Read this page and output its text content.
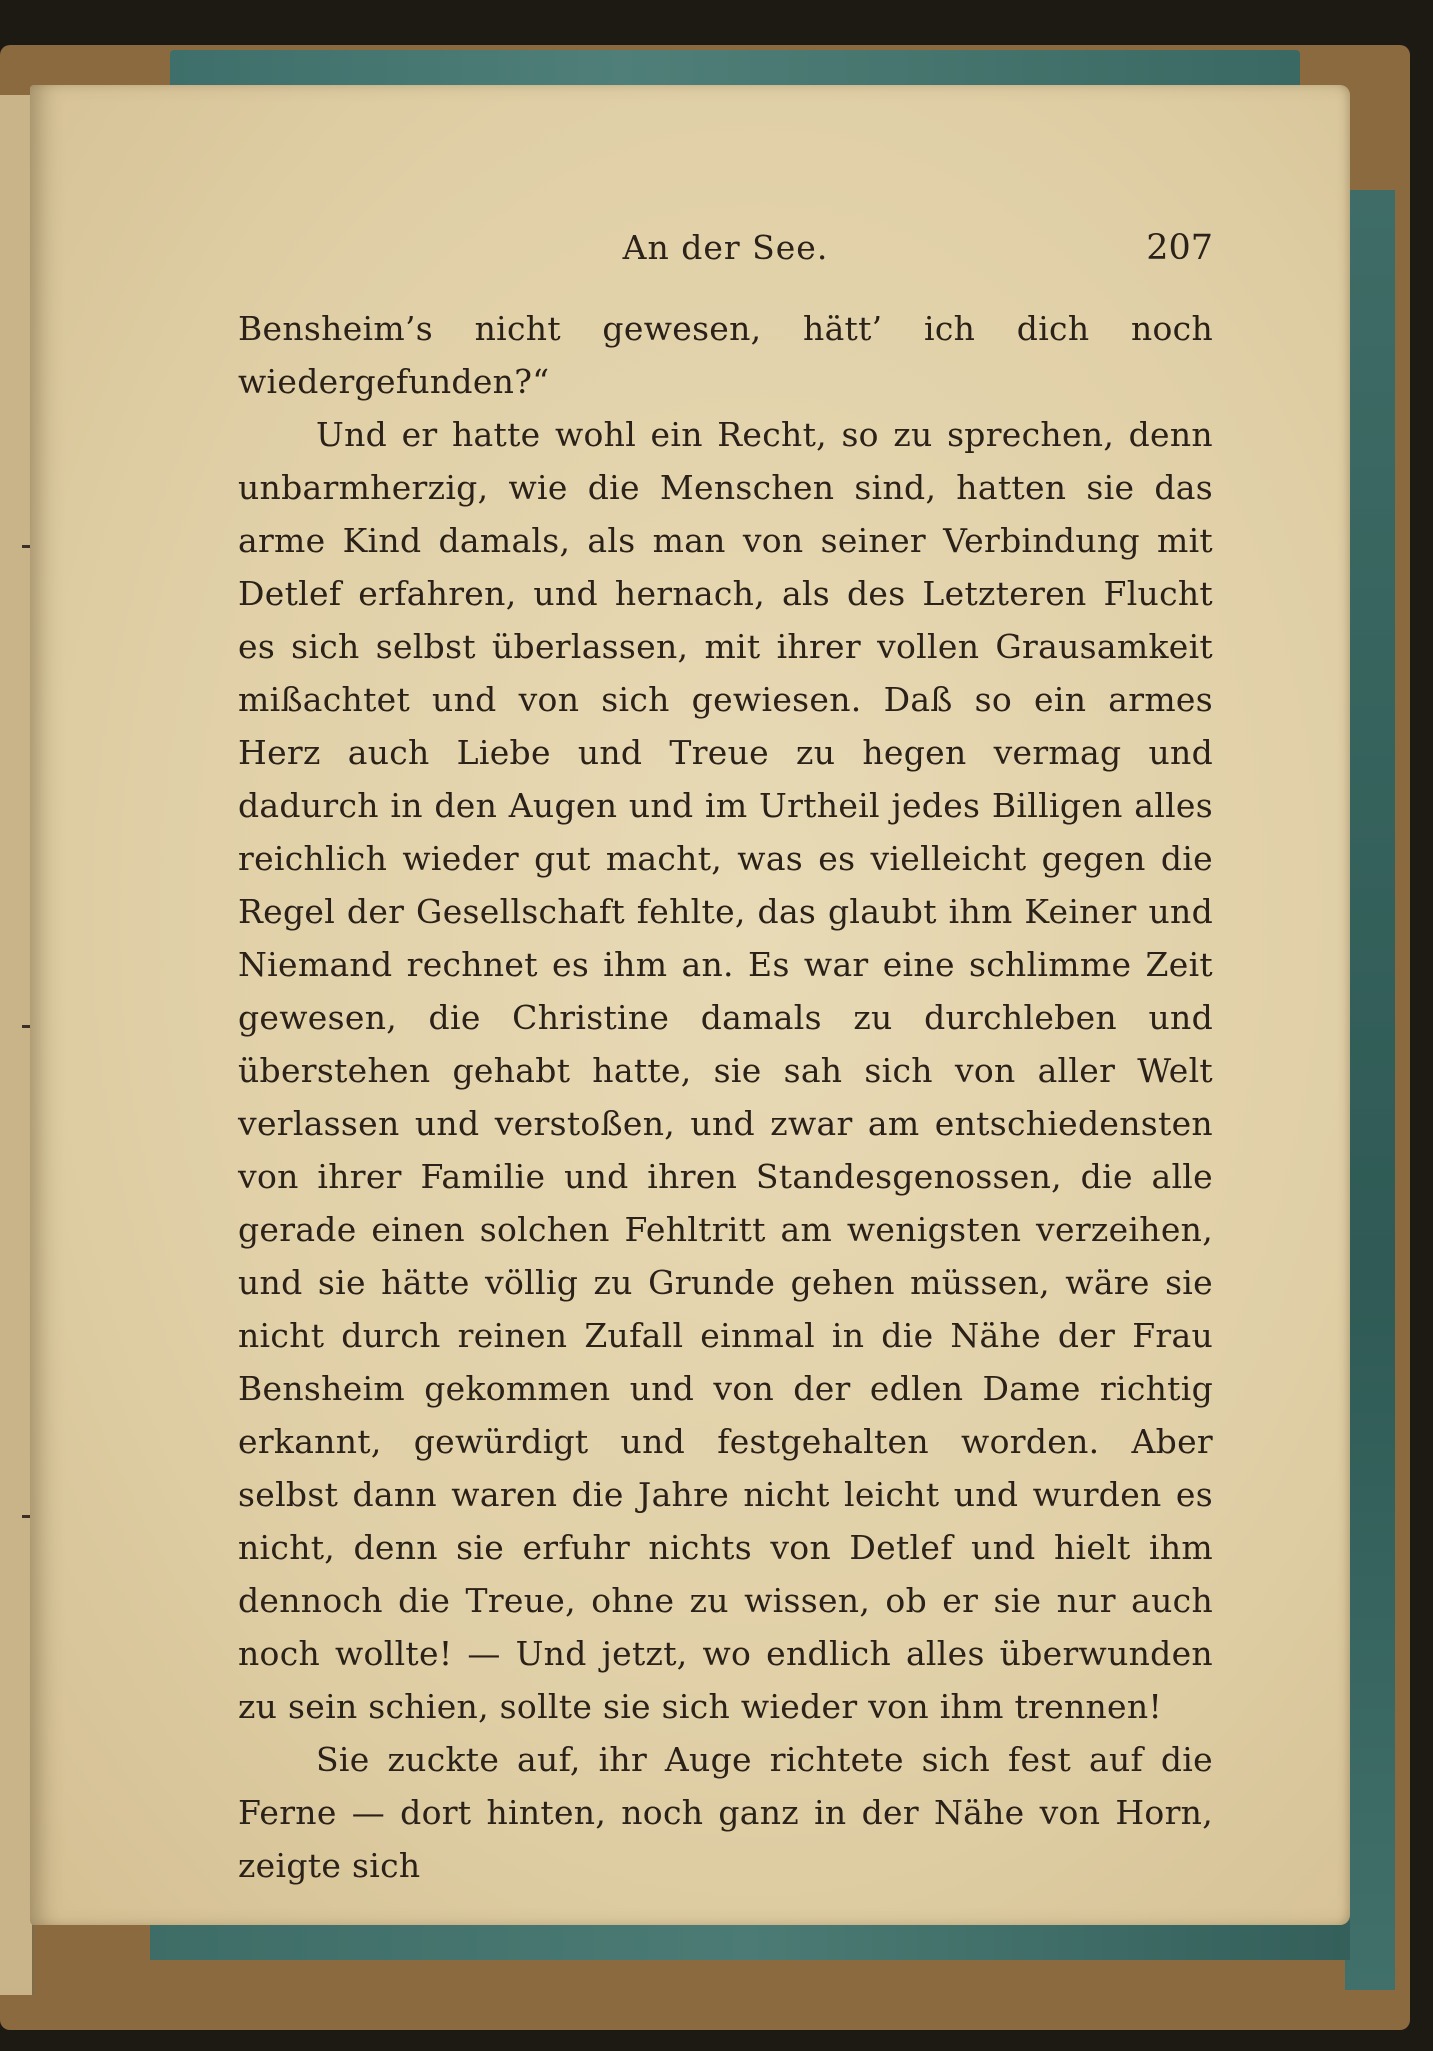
An der See.	207

Bensheim’s nicht gewesen, hätt’ ich dich noch wiedergefunden?“

Und er hatte wohl ein Recht, so zu sprechen, denn unbarmherzig, wie die Menschen sind, hatten sie das arme Kind damals, als man von seiner Verbindung mit Detlef erfahren, und hernach, als des Letzteren Flucht es sich selbst überlassen, mit ihrer vollen Grausamkeit mißachtet und von sich gewiesen. Daß so ein armes Herz auch Liebe und Treue zu hegen vermag und dadurch in den Augen und im Urtheil jedes Billigen alles reichlich wieder gut macht, was es vielleicht gegen die Regel der Gesellschaft fehlte, das glaubt ihm Keiner und Niemand rechnet es ihm an. Es war eine schlimme Zeit gewesen, die Christine damals zu durchleben und überstehen gehabt hatte, sie sah sich von aller Welt verlassen und verstoßen, und zwar am entschiedensten von ihrer Familie und ihren Standesgenossen, die alle gerade einen solchen Fehltritt am wenigsten verzeihen, und sie hätte völlig zu Grunde gehen müssen, wäre sie nicht durch reinen Zufall einmal in die Nähe der Frau Bensheim gekommen und von der edlen Dame richtig erkannt, gewürdigt und festgehalten worden. Aber selbst dann waren die Jahre nicht leicht und wurden es nicht, denn sie erfuhr nichts von Detlef und hielt ihm dennoch die Treue, ohne zu wissen, ob er sie nur auch noch wollte! — Und jetzt, wo endlich alles überwunden zu sein schien, sollte sie sich wieder von ihm trennen!

Sie zuckte auf, ihr Auge richtete sich fest auf die Ferne — dort hinten, noch ganz in der Nähe von Horn, zeigte sich
